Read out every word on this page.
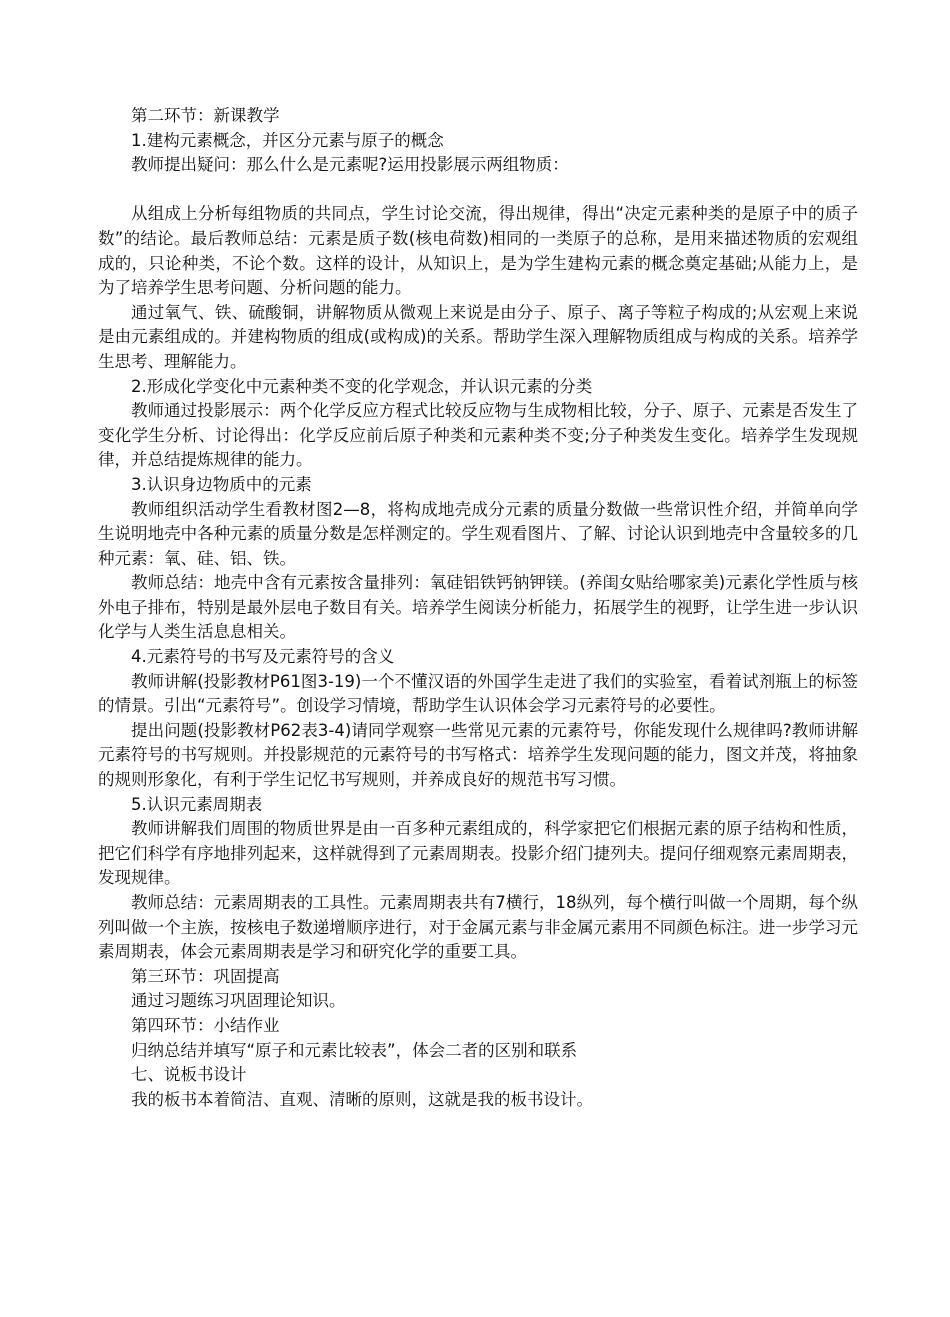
第二环节：新课教学

1.建构元素概念，并区分元素与原子的概念

教师提出疑问：那么什么是元素呢?运用投影展示两组物质：

从组成上分析每组物质的共同点，学生讨论交流，得出规律，得出“决定元素种类的是原子中的质子数”的结论。最后教师总结：元素是质子数(核电荷数)相同的一类原子的总称，是用来描述物质的宏观组成的，只论种类，不论个数。这样的设计，从知识上，是为学生建构元素的概念奠定基础;从能力上，是为了培养学生思考问题、分析问题的能力。

通过氧气、铁、硫酸铜，讲解物质从微观上来说是由分子、原子、离子等粒子构成的;从宏观上来说是由元素组成的。并建构物质的组成(或构成)的关系。帮助学生深入理解物质组成与构成的关系。培养学生思考、理解能力。

2.形成化学变化中元素种类不变的化学观念，并认识元素的分类

教师通过投影展示：两个化学反应方程式比较反应物与生成物相比较，分子、原子、元素是否发生了变化学生分析、讨论得出：化学反应前后原子种类和元素种类不变;分子种类发生变化。培养学生发现规律，并总结提炼规律的能力。

3.认识身边物质中的元素

教师组织活动学生看教材图2—8，将构成地壳成分元素的质量分数做一些常识性介绍，并简单向学生说明地壳中各种元素的质量分数是怎样测定的。学生观看图片、了解、讨论认识到地壳中含量较多的几种元素：氧、硅、铝、铁。

教师总结：地壳中含有元素按含量排列：氧硅铝铁钙钠钾镁。(养闺女贴给哪家美)元素化学性质与核外电子排布，特别是最外层电子数目有关。培养学生阅读分析能力，拓展学生的视野，让学生进一步认识化学与人类生活息息相关。

4.元素符号的书写及元素符号的含义

教师讲解(投影教材P61图3-19)一个不懂汉语的外国学生走进了我们的实验室，看着试剂瓶上的标签的情景。引出“元素符号”。创设学习情境，帮助学生认识体会学习元素符号的必要性。

提出问题(投影教材P62表3-4)请同学观察一些常见元素的元素符号，你能发现什么规律吗?教师讲解元素符号的书写规则。并投影规范的元素符号的书写格式：培养学生发现问题的能力，图文并茂，将抽象的规则形象化，有利于学生记忆书写规则，并养成良好的规范书写习惯。

5.认识元素周期表

教师讲解我们周围的物质世界是由一百多种元素组成的，科学家把它们根据元素的原子结构和性质，把它们科学有序地排列起来，这样就得到了元素周期表。投影介绍门捷列夫。提问仔细观察元素周期表，发现规律。

教师总结：元素周期表的工具性。元素周期表共有7横行，18纵列，每个横行叫做一个周期，每个纵列叫做一个主族，按核电子数递增顺序进行，对于金属元素与非金属元素用不同颜色标注。进一步学习元素周期表，体会元素周期表是学习和研究化学的重要工具。

第三环节：巩固提高

通过习题练习巩固理论知识。

第四环节：小结作业

归纳总结并填写“原子和元素比较表”，体会二者的区别和联系

七、说板书设计

我的板书本着简洁、直观、清晰的原则，这就是我的板书设计。
